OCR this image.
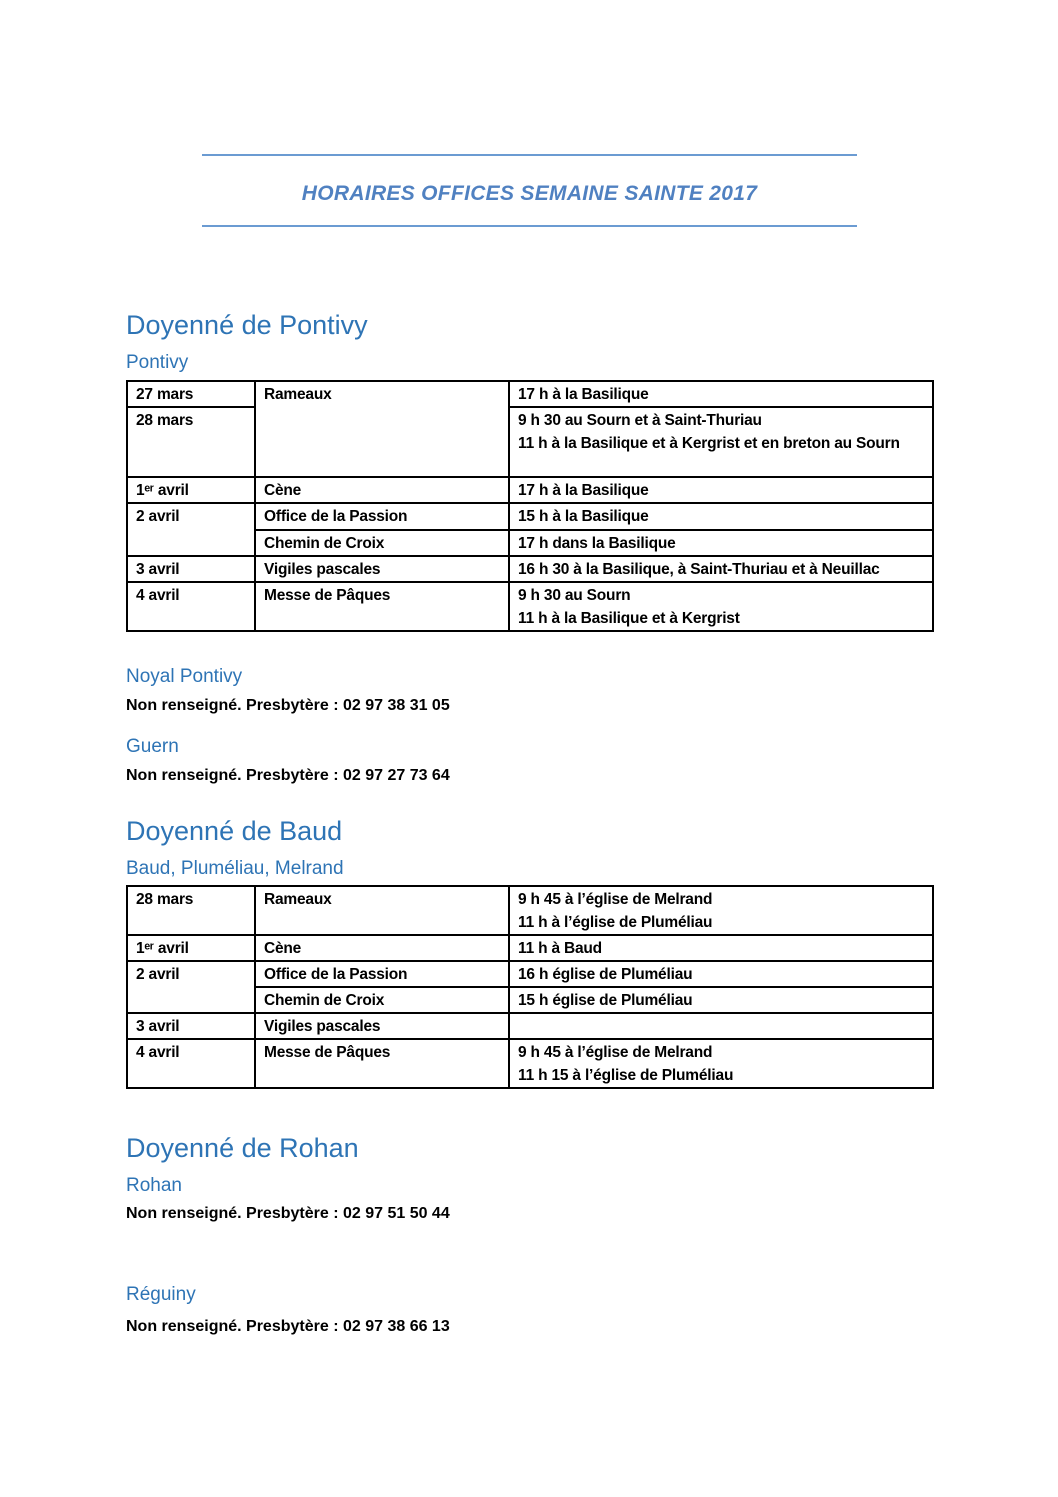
HORAIRES OFFICES SEMAINE SAINTE 2017
Doyenné de Pontivy
Pontivy
27 mars	Rameaux	17 h à la Basilique
28 mars		9 h 30 au Sourn et à Saint-Thuriau
11 h à la Basilique et à Kergrist et en breton au Sourn

1ᵉʳ avril	Cène	17 h à la Basilique
2 avril	Office de la Passion	15 h à la Basilique
	Chemin de Croix	17 h dans la Basilique
3 avril	Vigiles pascales	16 h 30 à la Basilique, à Saint-Thuriau et à Neuillac
4 avril	Messe de Pâques	9 h 30 au Sourn
11 h à la Basilique et à Kergrist
Noyal Pontivy

Non renseigné. Presbytère : 02 97 38 31 05

Guern

Non renseigné. Presbytère : 02 97 27 73 64

Doyenné de Baud
Baud, Pluméliau, Melrand
28 mars	Rameaux	9 h 45 à l’église de Melrand
11 h à l’église de Pluméliau

1ᵉʳ avril	Cène	11 h à Baud
2 avril	Office de la Passion	16 h église de Pluméliau
	Chemin de Croix	15 h église de Pluméliau
3 avril	Vigiles pascales	
4 avril	Messe de Pâques	9 h 45 à l’église de Melrand
11 h 15 à l’église de Pluméliau
Doyenné de Rohan
Rohan

Non renseigné. Presbytère : 02 97 51 50 44

Réguiny

Non renseigné. Presbytère : 02 97 38 66 13
